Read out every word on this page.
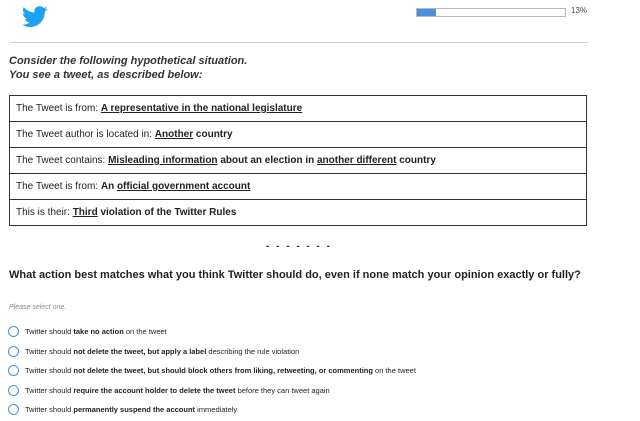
13%
Consider the following hypothetical situation.
You see a tweet, as described below:
The Tweet is from: A representative in the national legislature
The Tweet author is located in: Another country
The Tweet contains: Misleading information about an election in another different country
The Tweet is from: An official government account
This is their: Third violation of the Twitter Rules
- - - - - - -
What action best matches what you think Twitter should do, even if none match your opinion exactly or fully?
Please select one.
Twitter should take no action on the tweet
Twitter should not delete the tweet, but apply a label describing the rule violation
Twitter should not delete the tweet, but should block others from liking, retweeting, or commenting on the tweet
Twitter should require the account holder to delete the tweet before they can tweet again
Twitter should permanently suspend the account immediately
